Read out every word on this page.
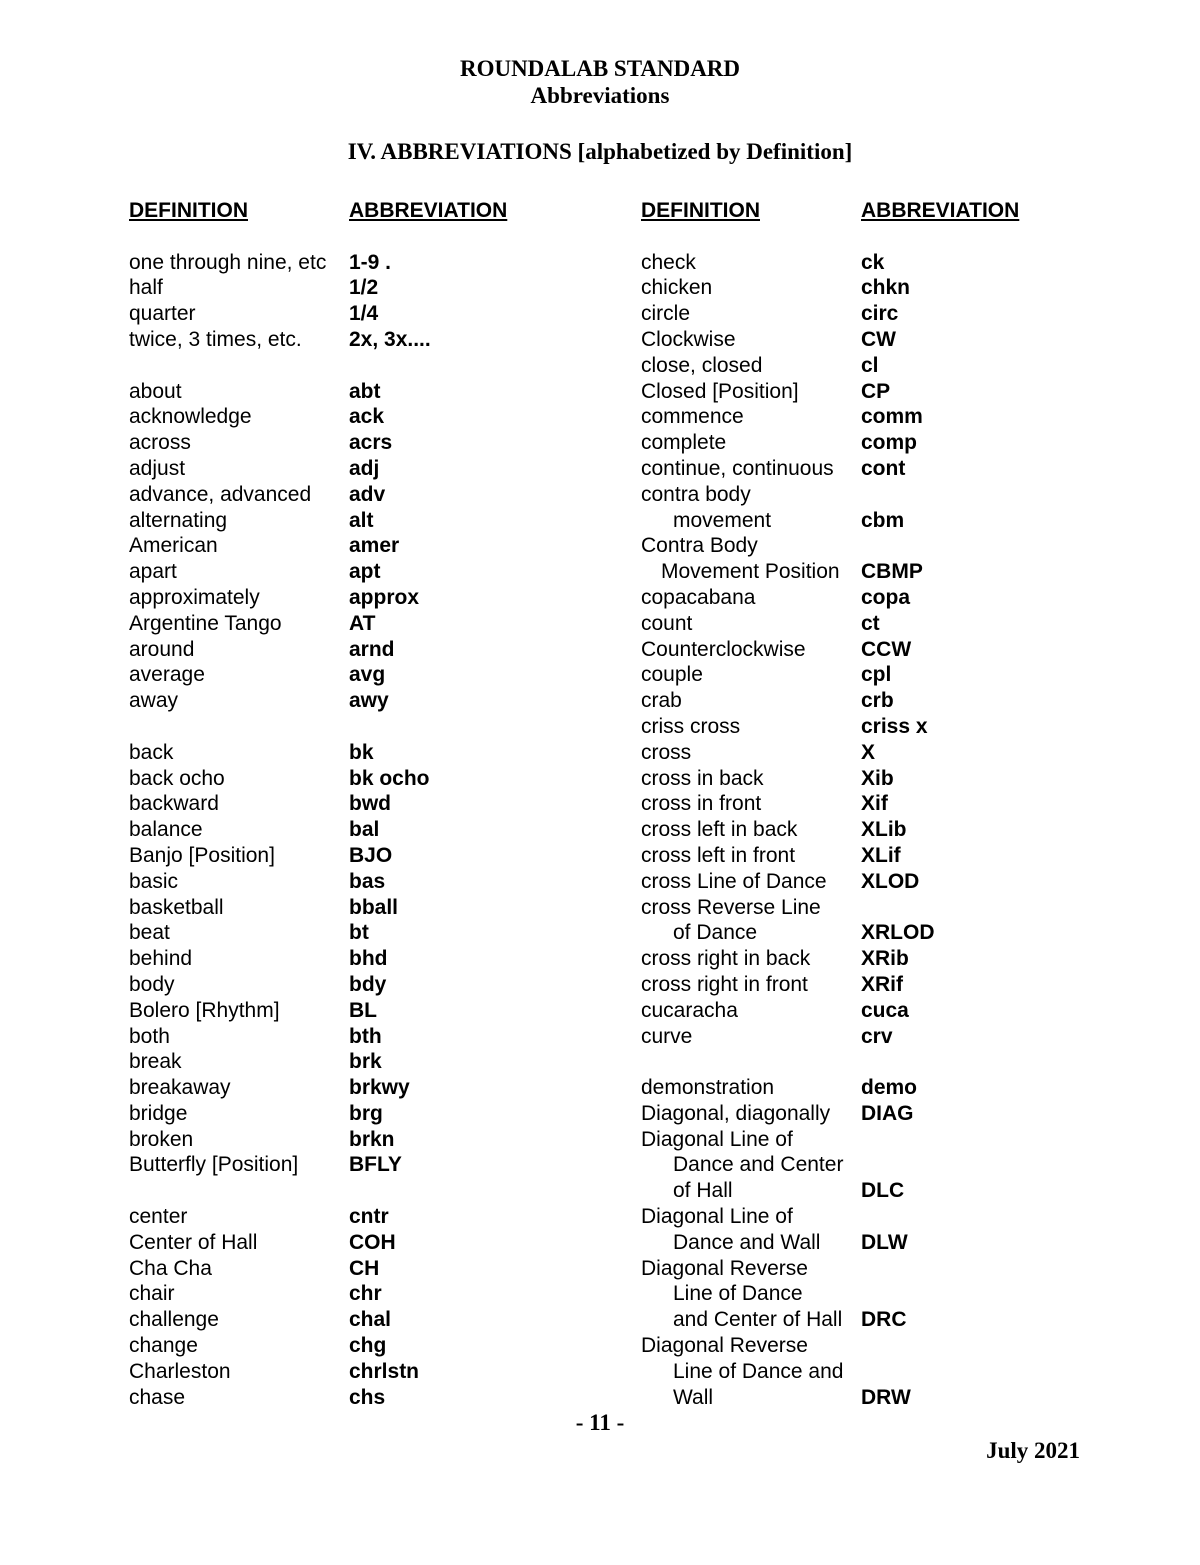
ROUNDALAB STANDARD
Abbreviations
IV. ABBREVIATIONS [alphabetized by Definition]
DEFINITION	ABBREVIATION
one through nine, etc	1-9 .
half	1/2
quarter	1/4
twice, 3 times, etc.	2x, 3x....
about	abt
acknowledge	ack
across	acrs
adjust	adj
advance, advanced	adv
alternating	alt
American	amer
apart	apt
approximately	approx
Argentine Tango	AT
around	arnd
average	avg
away	awy
back	bk
back ocho	bk ocho
backward	bwd
balance	bal
Banjo [Position]	BJO
basic	bas
basketball	bball
beat	bt
behind	bhd
body	bdy
Bolero [Rhythm]	BL
both	bth
break	brk
breakaway	brkwy
bridge	brg
broken	brkn
Butterfly [Position]	BFLY
center	cntr
Center of Hall	COH
Cha Cha	CH
chair	chr
challenge	chal
change	chg
Charleston	chrlstn
chase	chs
DEFINITION	ABBREVIATION
check	ck
chicken	chkn
circle	circ
Clockwise	CW
close, closed	cl
Closed [Position]	CP
commence	comm
complete	comp
continue, continuous	cont
contra body
movement	cbm
Contra Body
Movement Position	CBMP
copacabana	copa
count	ct
Counterclockwise	CCW
couple	cpl
crab	crb
criss cross	criss x
cross	X
cross in back	Xib
cross in front	Xif
cross left in back	XLib
cross left in front	XLif
cross Line of Dance	XLOD
cross Reverse Line
of Dance	XRLOD
cross right in back	XRib
cross right in front	XRif
cucaracha	cuca
curve	crv
demonstration	demo
Diagonal, diagonally	DIAG
Diagonal Line of
Dance and Center
of Hall	DLC
Diagonal Line of
Dance and Wall	DLW
Diagonal Reverse
Line of Dance
and Center of Hall DRC
Diagonal Reverse
Line of Dance and
Wall	DRW
- 11 -
July 2021
